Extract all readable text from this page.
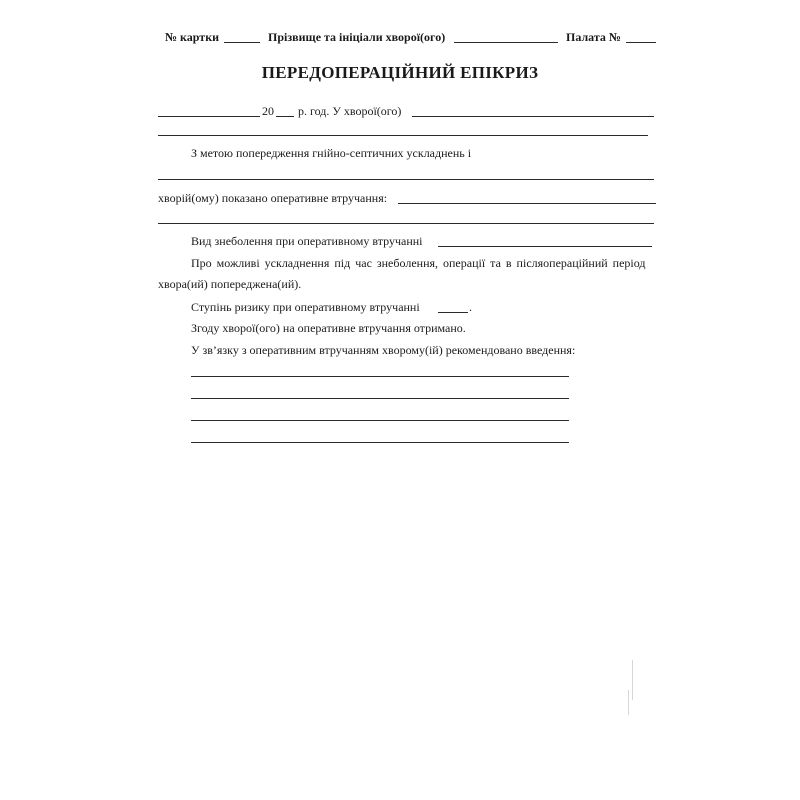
№ картки	Прізвище та ініціали хворої(ого)	Палата №
ПЕРЕДОПЕРАЦІЙНИЙ ЕПІКРИЗ
20 р. год. У хворої(ого)
З метою попередження гнійно-септичних ускладнень і
хворій(ому) показано оперативне втручання:
Вид знеболення при оперативному втручанні
Про можливі ускладнення під час знеболення, операції та в післяопераційний період
хвора(ий) попереджена(ий).
Ступінь ризику при оперативному втручанні	.
Згоду хворої(ого) на оперативне втручання отримано.
У зв’язку з оперативним втручанням хворому(ій) рекомендовано введення:
